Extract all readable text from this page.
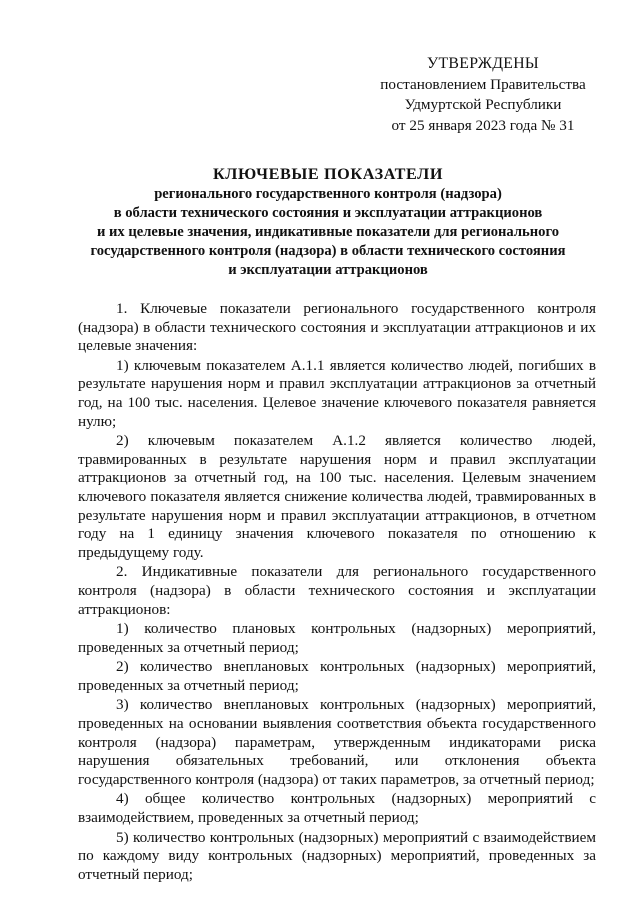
УТВЕРЖДЕНЫ
постановлением Правительства
Удмуртской Республики
от 25 января 2023 года № 31
КЛЮЧЕВЫЕ ПОКАЗАТЕЛИ
регионального государственного контроля (надзора)
в области технического состояния и эксплуатации аттракционов
и их целевые значения, индикативные показатели для регионального
государственного контроля (надзора) в области технического состояния
и эксплуатации аттракционов

1. Ключевые показатели регионального государственного контроля (надзора) в области технического состояния и эксплуатации аттракционов и их целевые значения:

1) ключевым показателем А.1.1 является количество людей, погибших в результате нарушения норм и правил эксплуатации аттракционов за отчетный год, на 100 тыс. населения. Целевое значение ключевого показателя равняется нулю;

2) ключевым показателем А.1.2 является количество людей, травмированных в результате нарушения норм и правил эксплуатации аттракционов за отчетный год, на 100 тыс. населения. Целевым значением ключевого показателя является снижение количества людей, травмированных в результате нарушения норм и правил эксплуатации аттракционов, в отчетном году на 1 единицу значения ключевого показателя по отношению к предыдущему году.

2. Индикативные показатели для регионального государственного контроля (надзора) в области технического состояния и эксплуатации аттракционов:

1) количество плановых контрольных (надзорных) мероприятий, проведенных за отчетный период;

2) количество внеплановых контрольных (надзорных) мероприятий, проведенных за отчетный период;

3) количество внеплановых контрольных (надзорных) мероприятий, проведенных на основании выявления соответствия объекта государственного контроля (надзора) параметрам, утвержденным индикаторами риска нарушения обязательных требований, или отклонения объекта государственного контроля (надзора) от таких параметров, за отчетный период;

4) общее количество контрольных (надзорных) мероприятий с взаимодействием, проведенных за отчетный период;

5) количество контрольных (надзорных) мероприятий с взаимодействием по каждому виду контрольных (надзорных) мероприятий, проведенных за отчетный период;
